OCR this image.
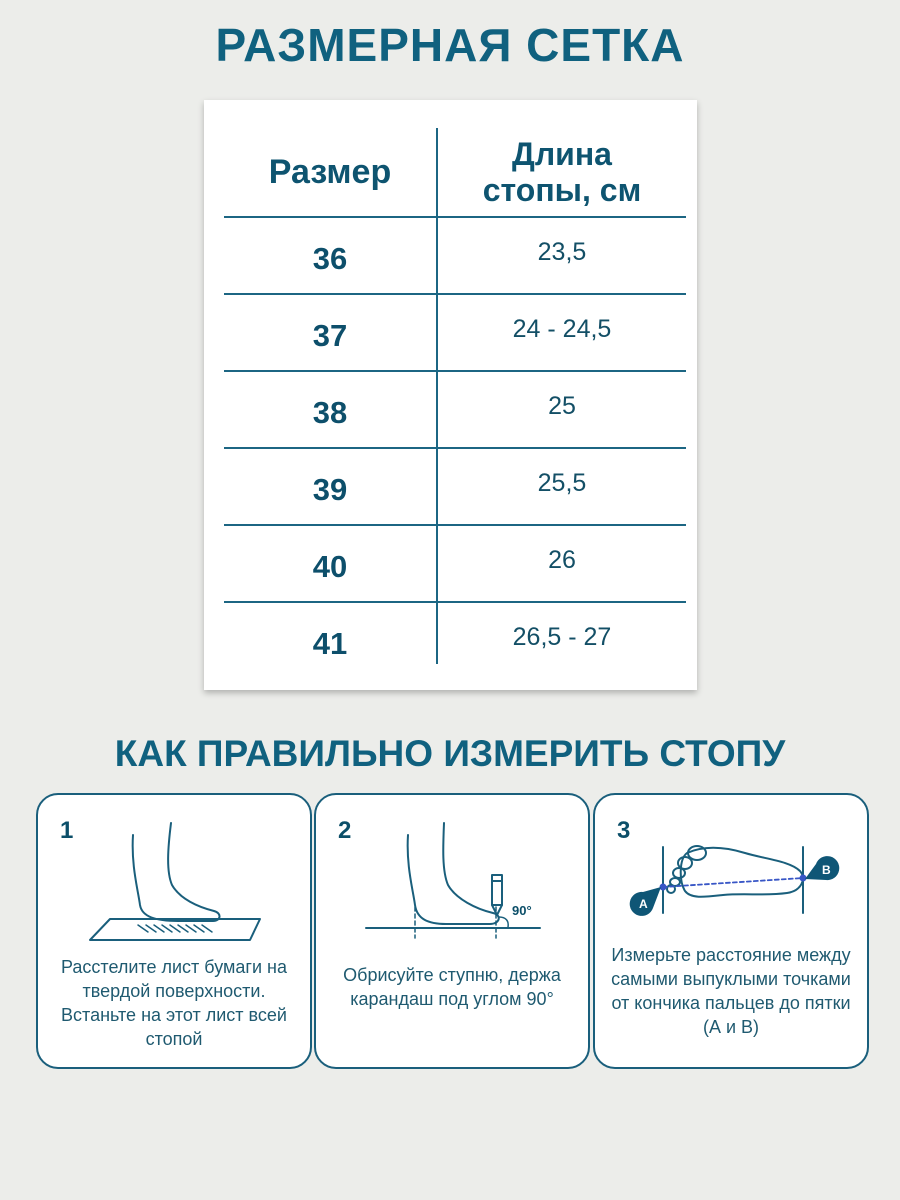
РАЗМЕРНАЯ СЕТКА
Размер	Длина стопы, см
36	23,5
37	24 - 24,5
38	25
39	25,5
40	26
41	26,5 - 27
КАК ПРАВИЛЬНО ИЗМЕРИТЬ СТОПУ
1
Расстелите лист бумаги на твердой поверхности. Встаньте на этот лист всей стопой
2
90°
Обрисуйте ступню, держа карандаш под углом 90°
3
A
B
Измерьте расстояние между самыми выпуклыми точками от кончика пальцев до пятки (А и В)
